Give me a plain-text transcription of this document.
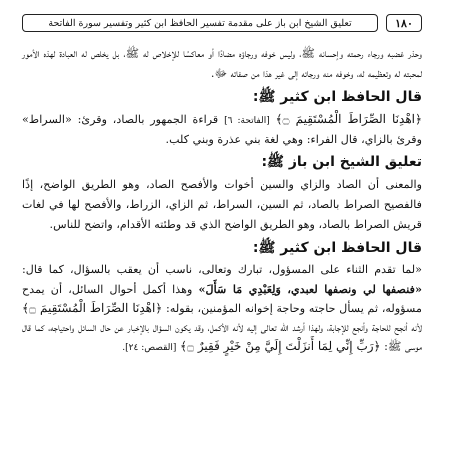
١٨٠
تعليق الشيخ ابن باز على مقدمة تفسير الحافظ ابن كثير وتفسير سورة الفاتحة

وحذر غضبه ورجاء رحمته وإحسانه ﷺ، وليس خوفه ورجاؤه مضادًا أو معاكسًا للإخلاص له ﷺ، بل يخلص له العبادة لهذه الأمور لمحبته له وتعظيمه له، وخوفه منه ورجائه إلى غير هذا من صفاته ﷻ.

قال الحافظ ابن كثير ﷺ:

﴿اهْدِنَا الصِّرَاطَ الْمُسْتَقِيمَ ۝﴾ [الفاتحة: ٦] قراءة الجمهور بالصاد، وقرئ: «السراط» وقرئ بالزاي، قال الفراء: وهي لغة بني عذرة وبني كلب.

تعليق الشيخ ابن باز ﷺ:

والمعنى أن الصاد والزاي والسين أخوات والأفصح الصاد، وهو الطريق الواضح، إذًا فالفصيح الصراط بالصاد، ثم السين، السراط، ثم الزاي، الزراط، والأفصح لها في لغات قريش الصراط بالصاد، وهو الطريق الواضح الذي قد وطئته الأقدام، واتضح للناس.

قال الحافظ ابن كثير ﷺ:

«لما تقدم الثناء على المسؤول، تبارك وتعالى، ناسب أن يعقب بالسؤال، كما قال: «فنصفها لي ونصفها لعبدي، وَلِعَبْدِي مَا سَأَلَ» وهذا أكمل أحوال السائل، أن يمدح مسؤوله، ثم يسأل حاجته وحاجة إخوانه المؤمنين، بقوله: ﴿اهْدِنَا الصِّرَاطَ الْمُسْتَقِيمَ ۝﴾ لأنه أنجح للحاجة وأنجع للإجابة، ولهذا أرشد الله تعالى إليه لأنه الأكمل، وقد يكون السؤال بالإخبار عن حال السائل واحتياجه، كما قال موسى ﷺ: ﴿رَبِّ إِنِّي لِمَا أَنزَلْتَ إِلَيَّ مِنْ خَيْرٍ فَقِيرٌ ۝﴾ [القصص: ٢٤].
